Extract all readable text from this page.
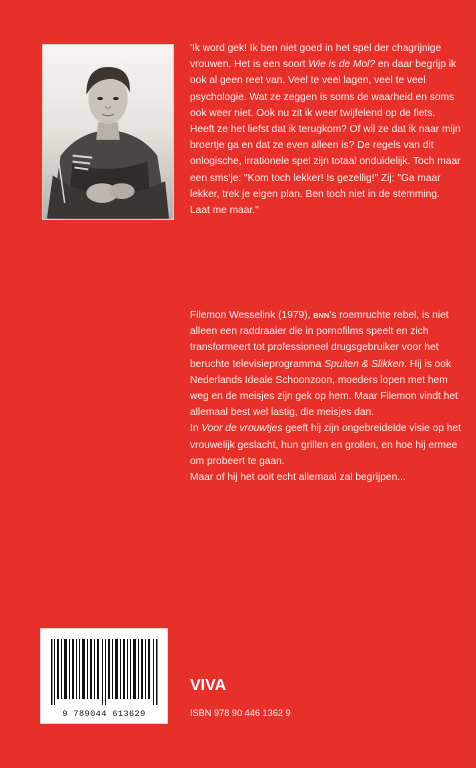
'Ik word gek! Ik ben niet goed in het spel der chagrijnige vrouwen. Het is een soort Wie is de Mol? en daar begrijp ik ook al geen reet van. Veel te veel lagen, veel te veel psychologie. Wat ze zeggen is soms de waarheid en soms ook weer niet. Ook nu zit ik weer twijfelend op de fiets. Heeft ze het liefst dat ik terugkom? Of wil ze dat ik naar mijn broertje ga en dat ze even alleen is? De regels van dit onlogische, irrationele spel zijn totaal onduidelijk. Toch maar een sms'je: "Kom toch lekker! Is gezellig!" Zij: "Ga maar lekker, trek je eigen plan. Ben toch niet in de stemming. Laat me maar."

Filemon Wesselink (1979), BNN's roemruchte rebel, is niet alleen een raddraaier die in pornofilms speelt en zich transformeert tot professioneel drugsgebruiker voor het beruchte televisieprogramma Spuiten & Slikken. Hij is ook Nederlands Ideale Schoonzoon, moeders lopen met hem weg en de meisjes zijn gek op hem. Maar Filemon vindt het allemaal best wel lastig, die meisjes dan.

In Voor de vrouwtjes geeft hij zijn ongebreidelde visie op het vrouwelijk geslacht, hun grillen en grollen, en hoe hij ermee om probeert te gaan.

Maar of hij het ooit echt allemaal zal begrijpen...

9 789044 613629
VIVA
ISBN 978 90 446 1362 9
